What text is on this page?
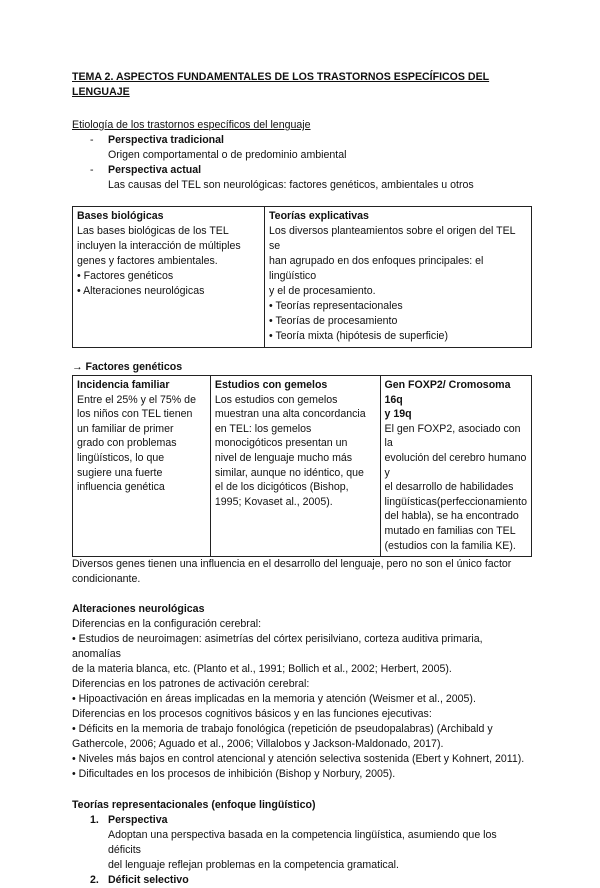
TEMA 2. ASPECTOS FUNDAMENTALES DE LOS TRASTORNOS ESPECÍFICOS DEL LENGUAJE
Etiología de los trastornos específicos del lenguaje
- Perspectiva tradicional
Origen comportamental o de predominio ambiental
- Perspectiva actual
Las causas del TEL son neurológicas: factores genéticos, ambientales u otros
Bases biológicas
Las bases biológicas de los TEL
incluyen la interacción de múltiples
genes y factores ambientales.
• Factores genéticos
• Alteraciones neurológicas

Teorías explicativas
Los diversos planteamientos sobre el origen del TEL se
han agrupado en dos enfoques principales: el lingüístico
y el de procesamiento.
• Teorías representacionales
• Teorías de procesamiento
• Teoría mixta (hipótesis de superficie)
→ Factores genéticos
Incidencia familiar
Entre el 25% y el 75% de
los niños con TEL tienen
un familiar de primer
grado con problemas
lingüísticos, lo que
sugiere una fuerte
influencia genética

Estudios con gemelos
Los estudios con gemelos
muestran una alta concordancia
en TEL: los gemelos
monocigóticos presentan un
nivel de lenguaje mucho más
similar, aunque no idéntico, que
el de los dicigóticos (Bishop,
1995; Kovaset al., 2005).

Gen FOXP2/ Cromosoma 16q
y 19q
El gen FOXP2, asociado con la
evolución del cerebro humano y
el desarrollo de habilidades
lingüísticas(perfeccionamiento
del habla), se ha encontrado
mutado en familias con TEL
(estudios con la familia KE).
Diversos genes tienen una influencia en el desarrollo del lenguaje, pero no son el único factor
condicionante.
Alteraciones neurológicas
Diferencias en la configuración cerebral:
• Estudios de neuroimagen: asimetrías del córtex perisilviano, corteza auditiva primaria, anomalías
de la materia blanca, etc. (Planto et al., 1991; Bollich et al., 2002; Herbert, 2005).
Diferencias en los patrones de activación cerebral:
• Hipoactivación en áreas implicadas en la memoria y atención (Weismer et al., 2005).
Diferencias en los procesos cognitivos básicos y en las funciones ejecutivas:
• Déficits en la memoria de trabajo fonológica (repetición de pseudopalabras) (Archibald y
Gathercole, 2006; Aguado et al., 2006; Villalobos y Jackson-Maldonado, 2017).
• Niveles más bajos en control atencional y atención selectiva sostenida (Ebert y Kohnert, 2011).
• Dificultades en los procesos de inhibición (Bishop y Norbury, 2005).
Teorías representacionales (enfoque lingüístico)
1. Perspectiva
Adoptan una perspectiva basada en la competencia lingüística, asumiendo que los déficits
del lenguaje reflejan problemas en la competencia gramatical.
2. Déficit selectivo
